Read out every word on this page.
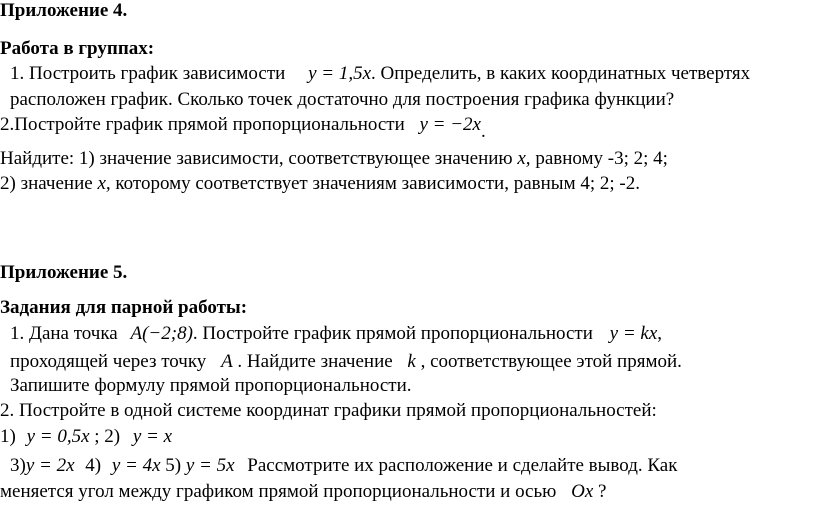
Приложение 4.
Работа в группах:
1. Построить график зависимости y = 1,5x. Определить, в каких координатных четвертях
расположен график. Сколько точек достаточно для построения графика функции?
2.Постройте график прямой пропорциональности y = −2x.
Найдите: 1) значение зависимости, соответствующее значению x, равному -3; 2; 4;
2) значение x, которому соответствует значениям зависимости, равным 4; 2; -2.
Приложение 5.
Задания для парной работы:
1. Дана точка A(−2;8). Постройте график прямой пропорциональности y = kx,
проходящей через точку A . Найдите значение k , соответствующее этой прямой.
Запишите формулу прямой пропорциональности.
2. Постройте в одной системе координат графики прямой пропорциональностей:
1) y = 0,5x ; 2) y = x
3)y = 2x 4) y = 4x 5) y = 5x Рассмотрите их расположение и сделайте вывод. Как
меняется угол между графиком прямой пропорциональности и осью Ox ?
